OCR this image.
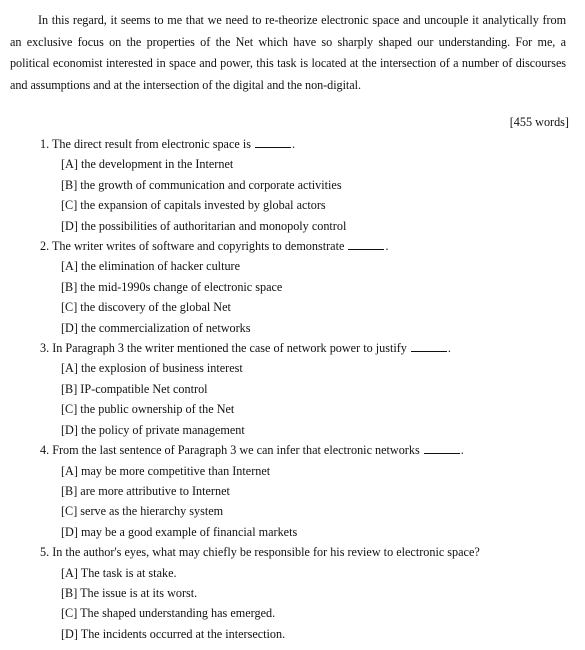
In this regard, it seems to me that we need to re-theorize electronic space and uncouple it analytically from an exclusive focus on the properties of the Net which have so sharply shaped our understanding. For me, a political economist interested in space and power, this task is located at the intersection of a number of discourses and assumptions and at the intersection of the digital and the non-digital.

[455 words]
1. The direct result from electronic space is	.
[A] the development in the Internet
[B] the growth of communication and corporate activities
[C] the expansion of capitals invested by global actors
[D] the possibilities of authoritarian and monopoly control
2. The writer writes of software and copyrights to demonstrate	.
[A] the elimination of hacker culture
[B] the mid-1990s change of electronic space
[C] the discovery of the global Net
[D] the commercialization of networks
3. In Paragraph 3 the writer mentioned the case of network power to justify	.
[A] the explosion of business interest
[B] IP-compatible Net control
[C] the public ownership of the Net
[D] the policy of private management
4. From the last sentence of Paragraph 3 we can infer that electronic networks	.
[A] may be more competitive than Internet
[B] are more attributive to Internet
[C] serve as the hierarchy system
[D] may be a good example of financial markets
5. In the author's eyes, what may chiefly be responsible for his review to electronic space?
[A] The task is at stake.
[B] The issue is at its worst.
[C] The shaped understanding has emerged.
[D] The incidents occurred at the intersection.
